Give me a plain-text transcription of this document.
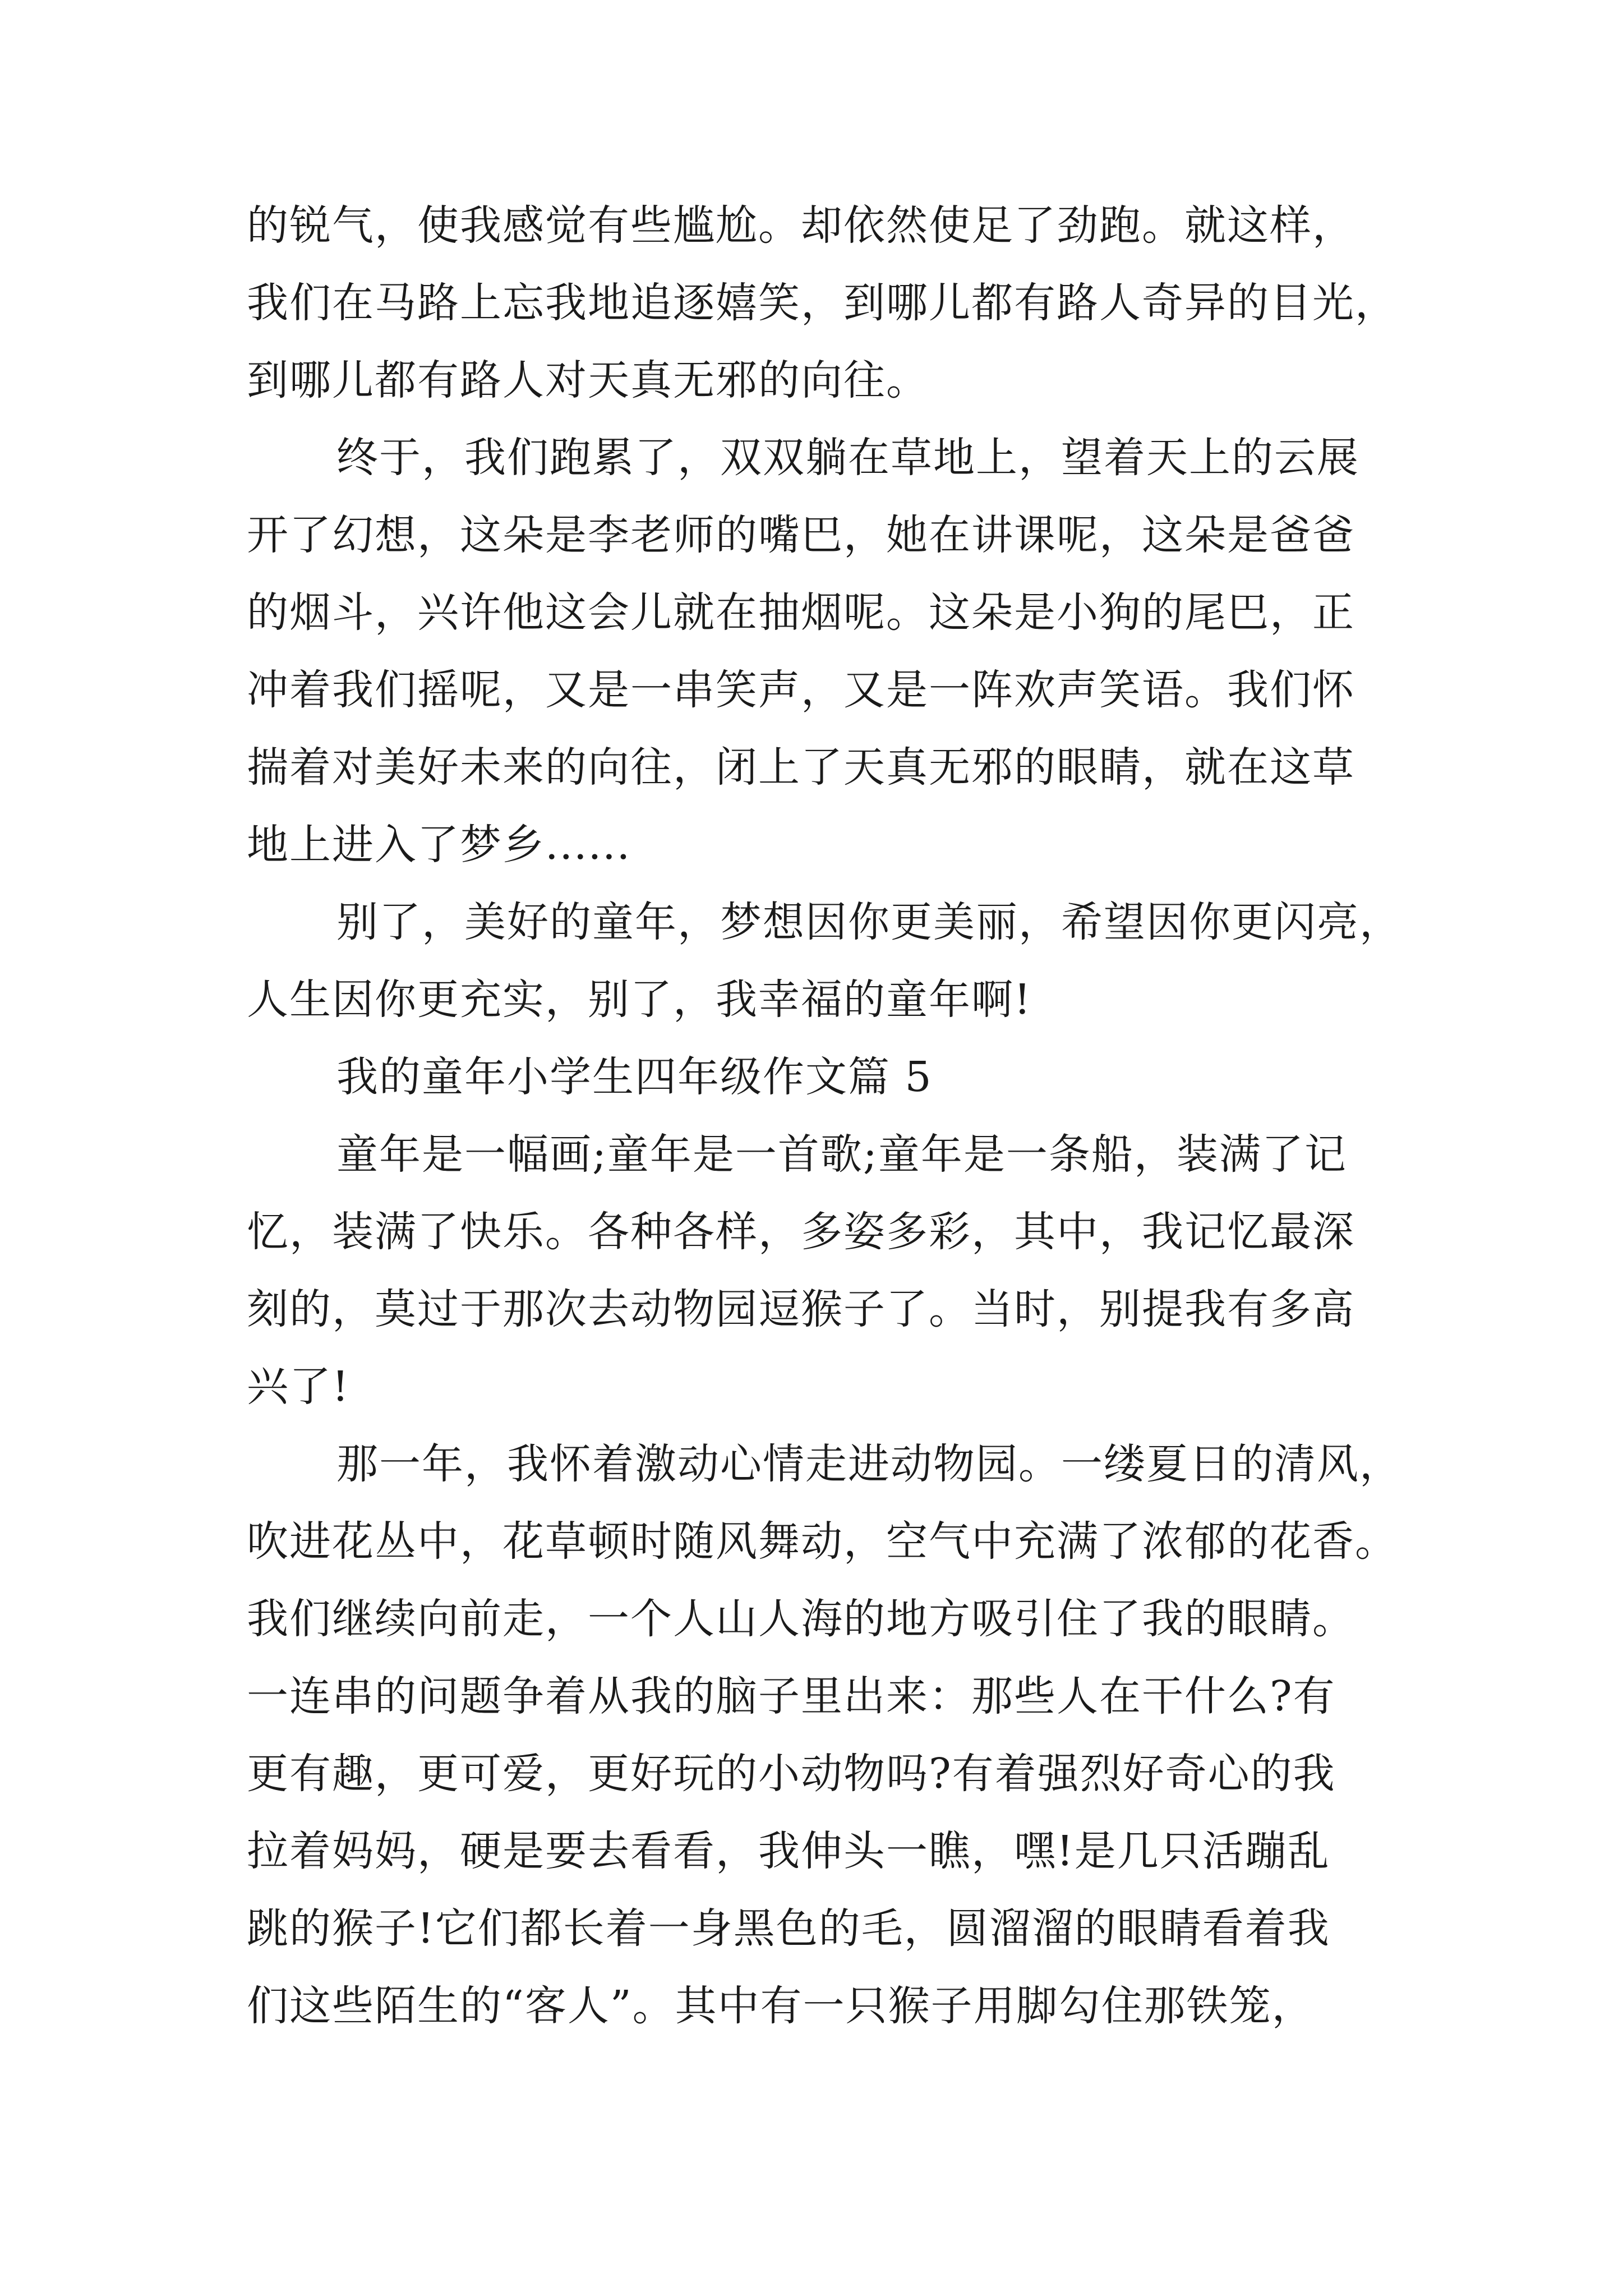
的锐气，使我感觉有些尴尬。却依然使足了劲跑。就这样，
我们在马路上忘我地追逐嬉笑，到哪儿都有路人奇异的目光，
到哪儿都有路人对天真无邪的向往。
终于，我们跑累了，双双躺在草地上，望着天上的云展
开了幻想，这朵是李老师的嘴巴，她在讲课呢，这朵是爸爸
的烟斗，兴许他这会儿就在抽烟呢。这朵是小狗的尾巴，正
冲着我们摇呢，又是一串笑声，又是一阵欢声笑语。我们怀
揣着对美好未来的向往，闭上了天真无邪的眼睛，就在这草
地上进入了梦乡......
别了，美好的童年，梦想因你更美丽，希望因你更闪亮，
人生因你更充实，别了，我幸福的童年啊!
我的童年小学生四年级作文篇 5
童年是一幅画;童年是一首歌;童年是一条船，装满了记
忆，装满了快乐。各种各样，多姿多彩，其中，我记忆最深
刻的，莫过于那次去动物园逗猴子了。当时，别提我有多高
兴了!
那一年，我怀着激动心情走进动物园。一缕夏日的清风，
吹进花丛中，花草顿时随风舞动，空气中充满了浓郁的花香。
我们继续向前走，一个人山人海的地方吸引住了我的眼睛。
一连串的问题争着从我的脑子里出来：那些人在干什么?有
更有趣，更可爱，更好玩的小动物吗?有着强烈好奇心的我
拉着妈妈，硬是要去看看，我伸头一瞧，嘿!是几只活蹦乱
跳的猴子!它们都长着一身黑色的毛，圆溜溜的眼睛看着我
们这些陌生的“客人”。其中有一只猴子用脚勾住那铁笼，
